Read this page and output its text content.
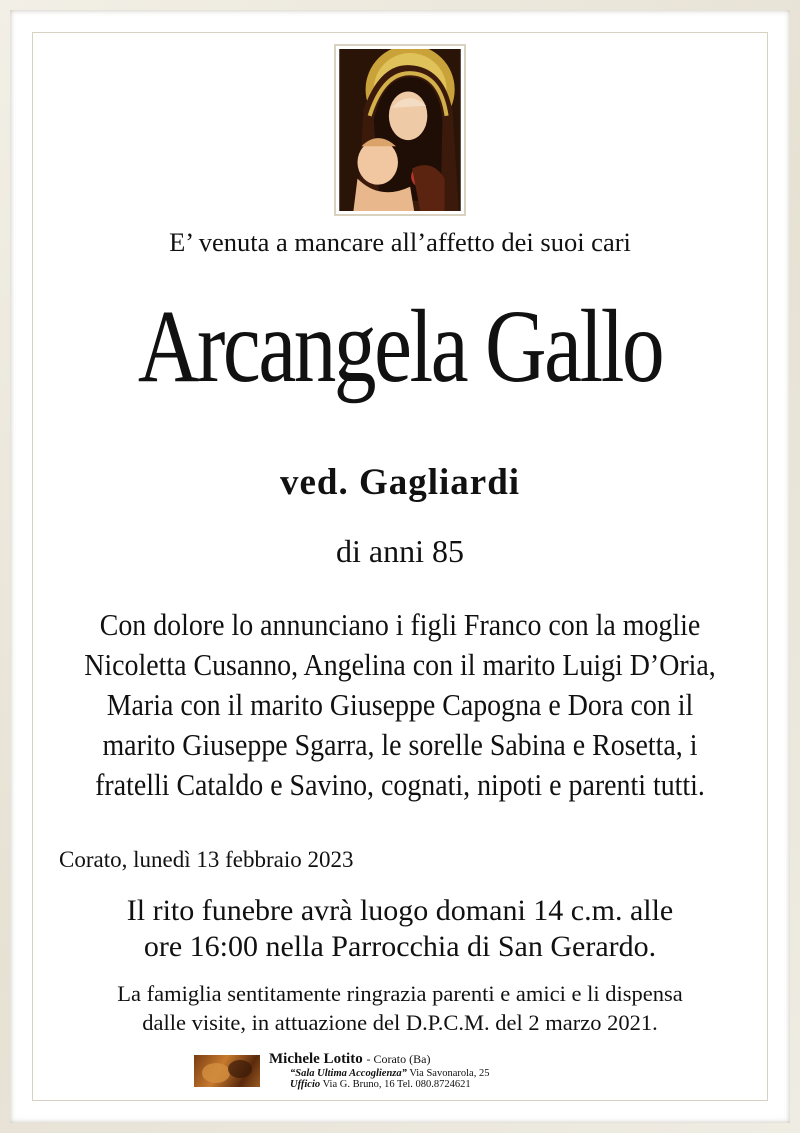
E’ venuta a mancare all’affetto dei suoi cari
Arcangela Gallo
ved. Gagliardi
di anni 85
Con dolore lo annunciano i figli Franco con la moglie
Nicoletta Cusanno, Angelina con il marito Luigi D’Oria,
Maria con il marito Giuseppe Capogna e Dora con il
marito Giuseppe Sgarra, le sorelle Sabina e Rosetta, i
fratelli Cataldo e Savino, cognati, nipoti e parenti tutti.
Corato, lunedì 13 febbraio 2023
Il rito funebre avrà luogo domani 14 c.m. alle
ore 16:00 nella Parrocchia di San Gerardo.
La famiglia sentitamente ringrazia parenti e amici e li dispensa
dalle visite, in attuazione del D.P.C.M. del 2 marzo 2021.
Michele Lotito - Corato (Ba)
“Sala Ultima Accoglienza” Via Savonarola, 25
Ufficio Via G. Bruno, 16 Tel. 080.8724621
